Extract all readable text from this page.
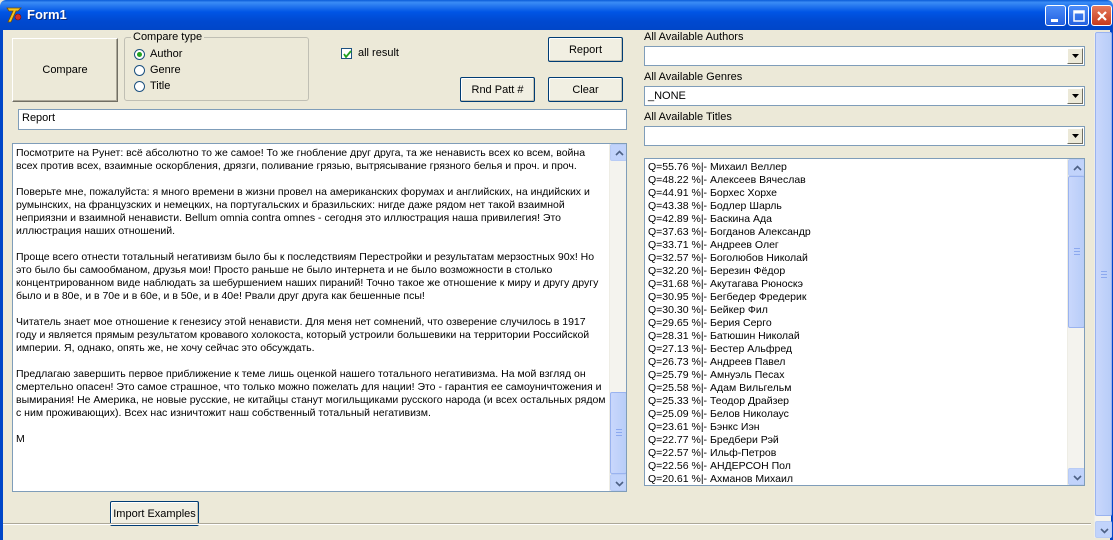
Form1
Compare
Compare type
Author
Genre
Title
all result	Report
Rnd Patt #	Clear
Report

Посмотрите на Рунет: всё абсолютно то же самое! То же гноблениe друг друга, та же ненависть всех ко всем, война всех против всех, взаимные оскорбления, дрязги, поливание грязью, вытрясывание грязного белья и проч. и проч.

Поверьте мне, пожалуйста: я много времени в жизни провел на американских форумах и английских, на индийских и румынских, на французских и немецких, на португальских и бразильских: нигде даже рядом нет такой взаимной неприязни и взаимной ненависти. Bellum omnia contra omnes - сегодня это иллюстрация наша привилегия! Это иллюстрация наших отношений.

Проще всего отнести тотальный негативизм было бы к последствиям Перестройки и результатам мерзостных 90х! Но это было бы самообманом, друзья мои! Просто раньше не было интернета и не было возможности в столько концентрированном виде наблюдать за шебуршением наших пираний! Точно такое же отношение к миру и другу другу было и в 80е, и в 70е и в 60е, и в 50е, и в 40е! Рвали друг друга как бешенные псы!

Читатель знает мое отношение к генезису этой ненависти. Для меня нет сомнений, что озверение случилось в 1917 году и является прямым результатом кровавого холокоста, который устроили большевики на территории Российской империи. Я, однако, опять же, не хочу сейчас это обсуждать.

Предлагаю завершить первое приближение к теме лишь оценкой нашего тотального негативизма. На мой взгляд он смертельно опасен! Это самое страшное, что только можно пожелать для нации! Это - гарантия ее самоуничтожения и вымирания! Не Америка, не новые русские, не китайцы станут могильщиками русского народа (и всех остальных рядом с ним проживающих). Всех нас изничтожит наш собственный тотальный негативизм.

М

Import Examples
All Available Authors
All Available Genres
_NONE
All Available Titles
Q=55.76 %|- Михаил Веллер
Q=48.22 %|- Алексеев Вячеслав
Q=44.91 %|- Борхес Хорхе
Q=43.38 %|- Бодлер Шарль
Q=42.89 %|- Баскина Ада
Q=37.63 %|- Богданов Александр
Q=33.71 %|- Андреев Олег
Q=32.57 %|- Боголюбов Николай
Q=32.20 %|- Березин Фёдор
Q=31.68 %|- Акутагава Рюноскэ
Q=30.95 %|- Бегбедер Фредерик
Q=30.30 %|- Бейкер Фил
Q=29.65 %|- Берия Серго
Q=28.31 %|- Батюшин Николай
Q=27.13 %|- Бестер Альфред
Q=26.73 %|- Андреев Павел
Q=25.79 %|- Амнуэль Песах
Q=25.58 %|- Адам Вильгельм
Q=25.33 %|- Теодор Драйзер
Q=25.09 %|- Белов Николаус
Q=23.61 %|- Бэнкс Иэн
Q=22.77 %|- Бредбери Рэй
Q=22.57 %|- Ильф-Петров
Q=22.56 %|- АНДЕРСОН Пол
Q=20.61 %|- Ахманов Михаил
